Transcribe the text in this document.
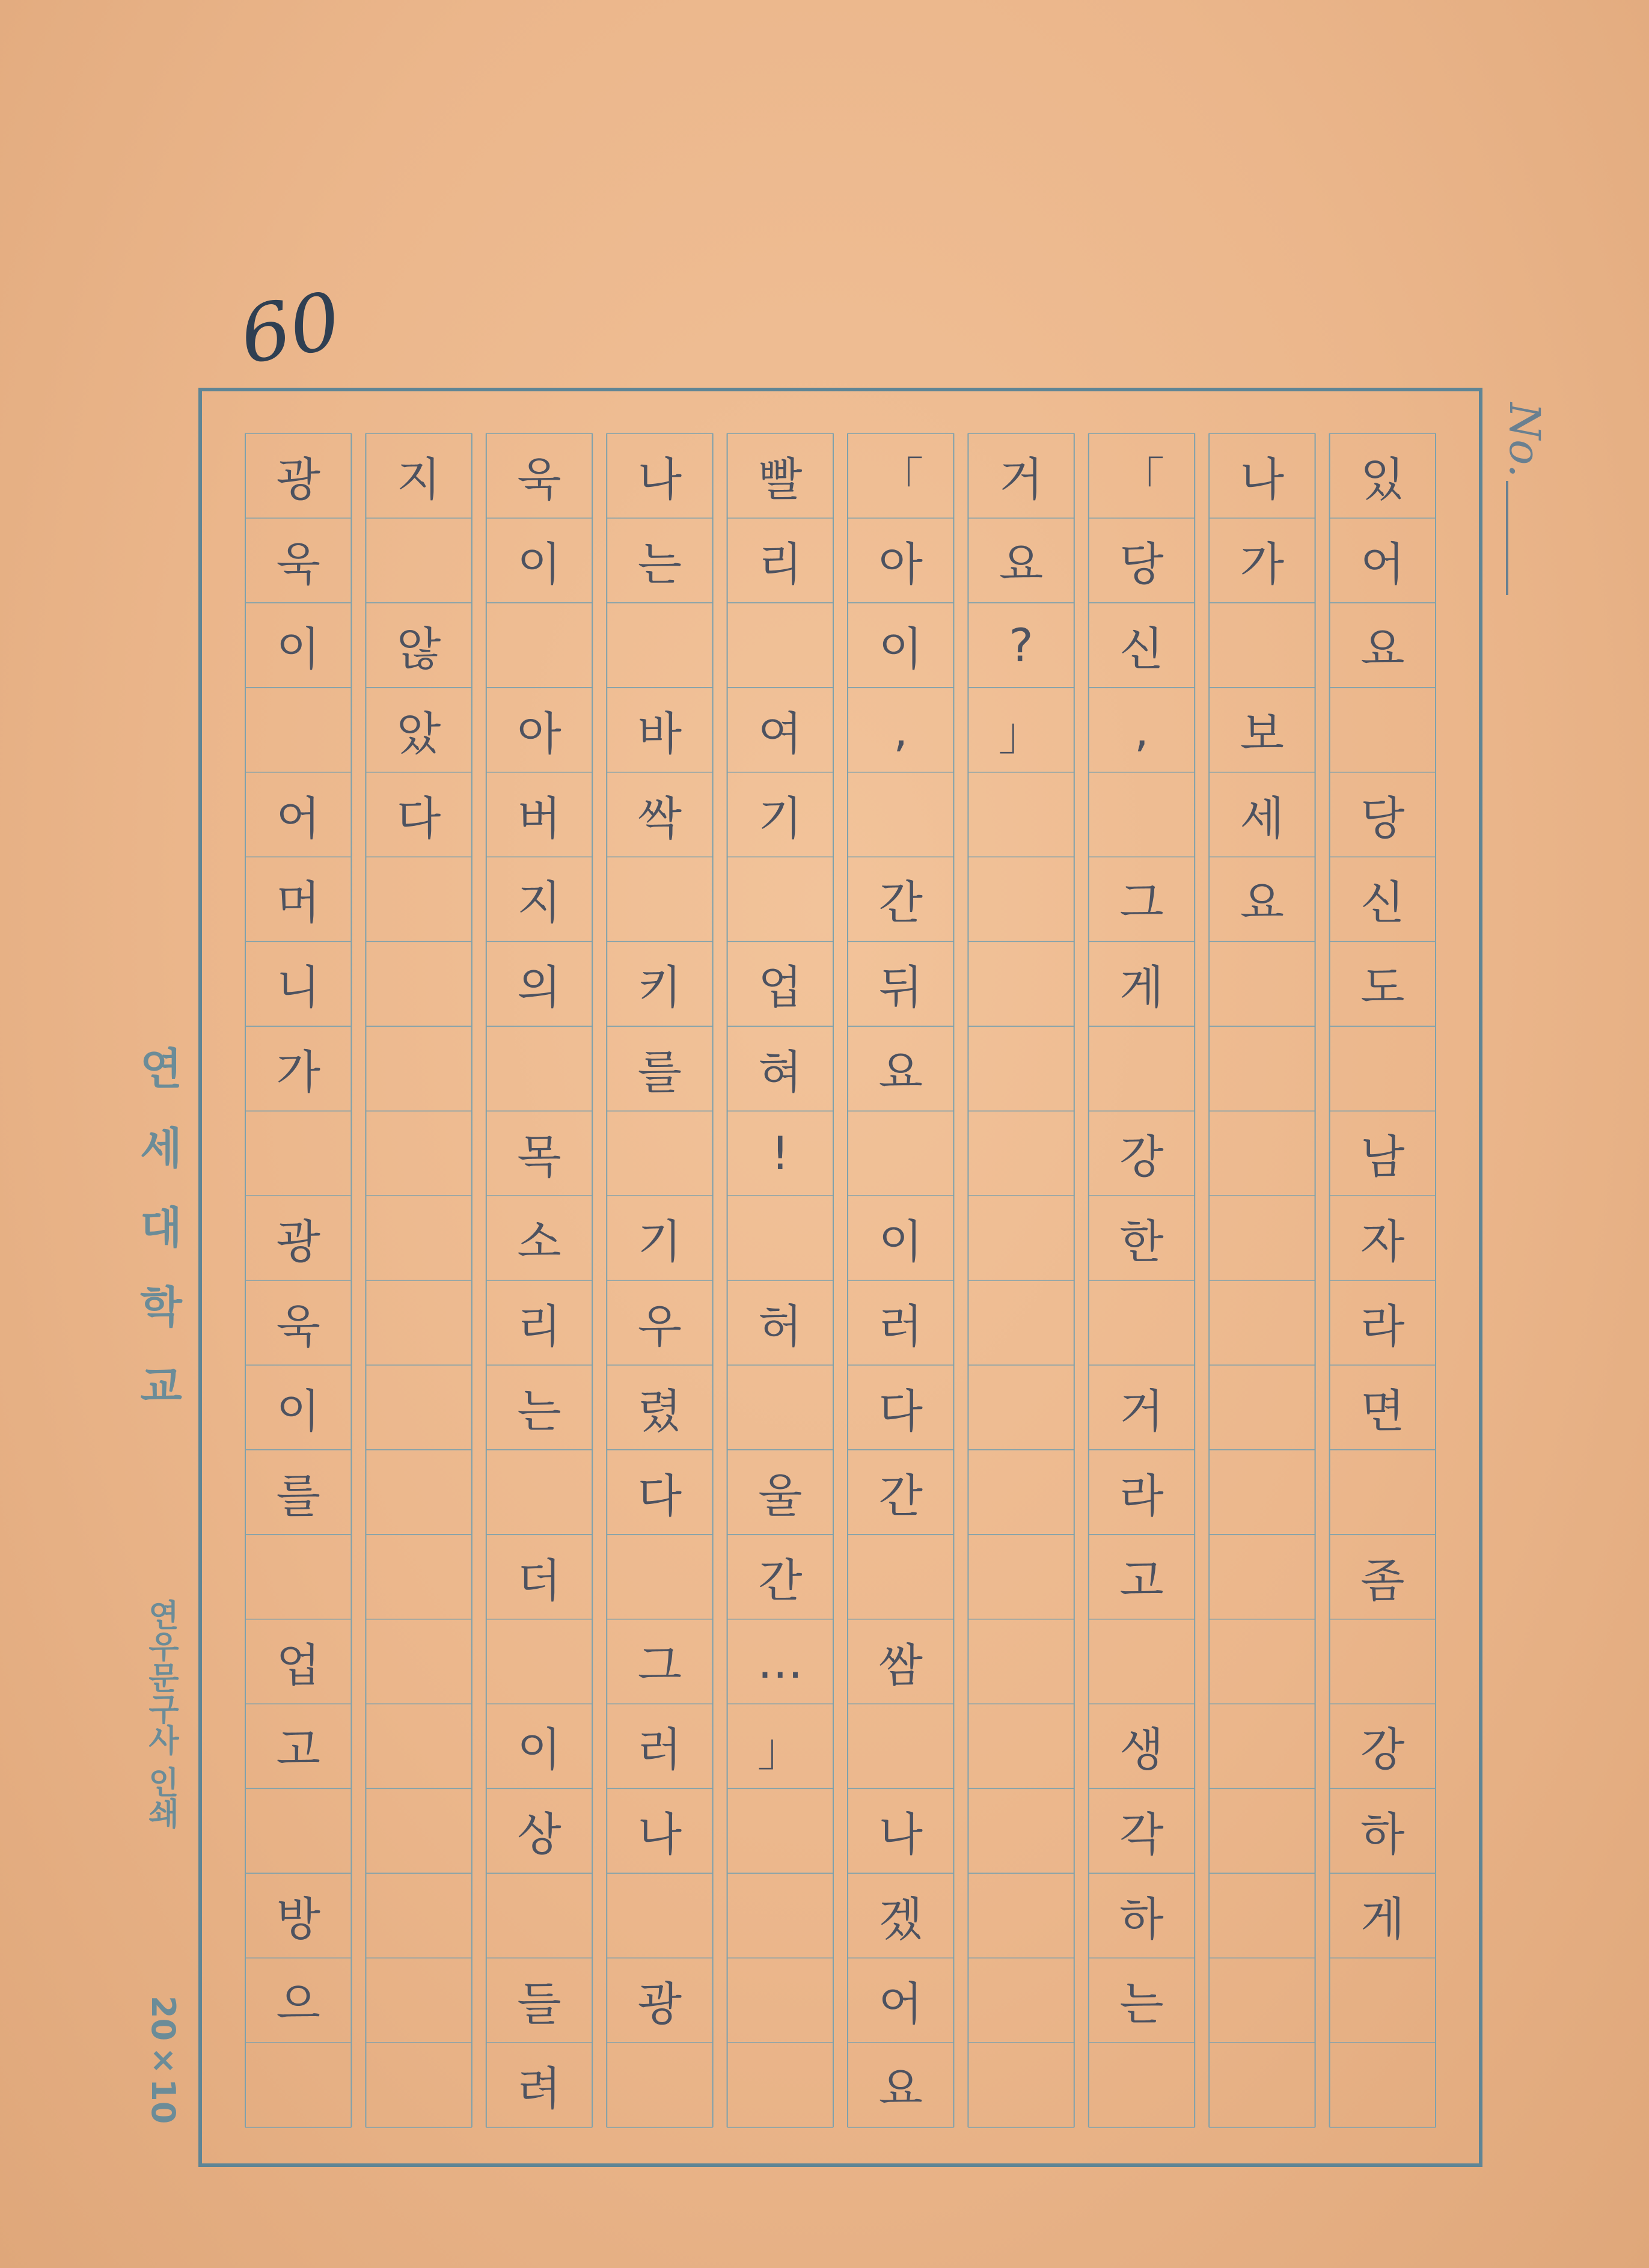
60
No.
있
어
요
당
신
도
남
자
라
면
좀
강
하
게
나
가
보
세
요
「
당
신
,
그
게
강
한
거
라
고
생
각
하
는
거
요
?
」
「
아
이
,
간
뒤
요
이
러
다
간
쌈
나
겠
어
요
빨
리
여
기
업
혀
!
허
울
간
…
」
나
는
바
싹
키
를
기
우
렸
다
그
러
나
광
욱
이
아
버
지
의
목
소
리
는
더
이
상
들
려
지
않
았
다
광
욱
이
어
머
니
가
광
욱
이
를
업
고
방
으
연세대학교
연우문구사 인쇄
20×10
